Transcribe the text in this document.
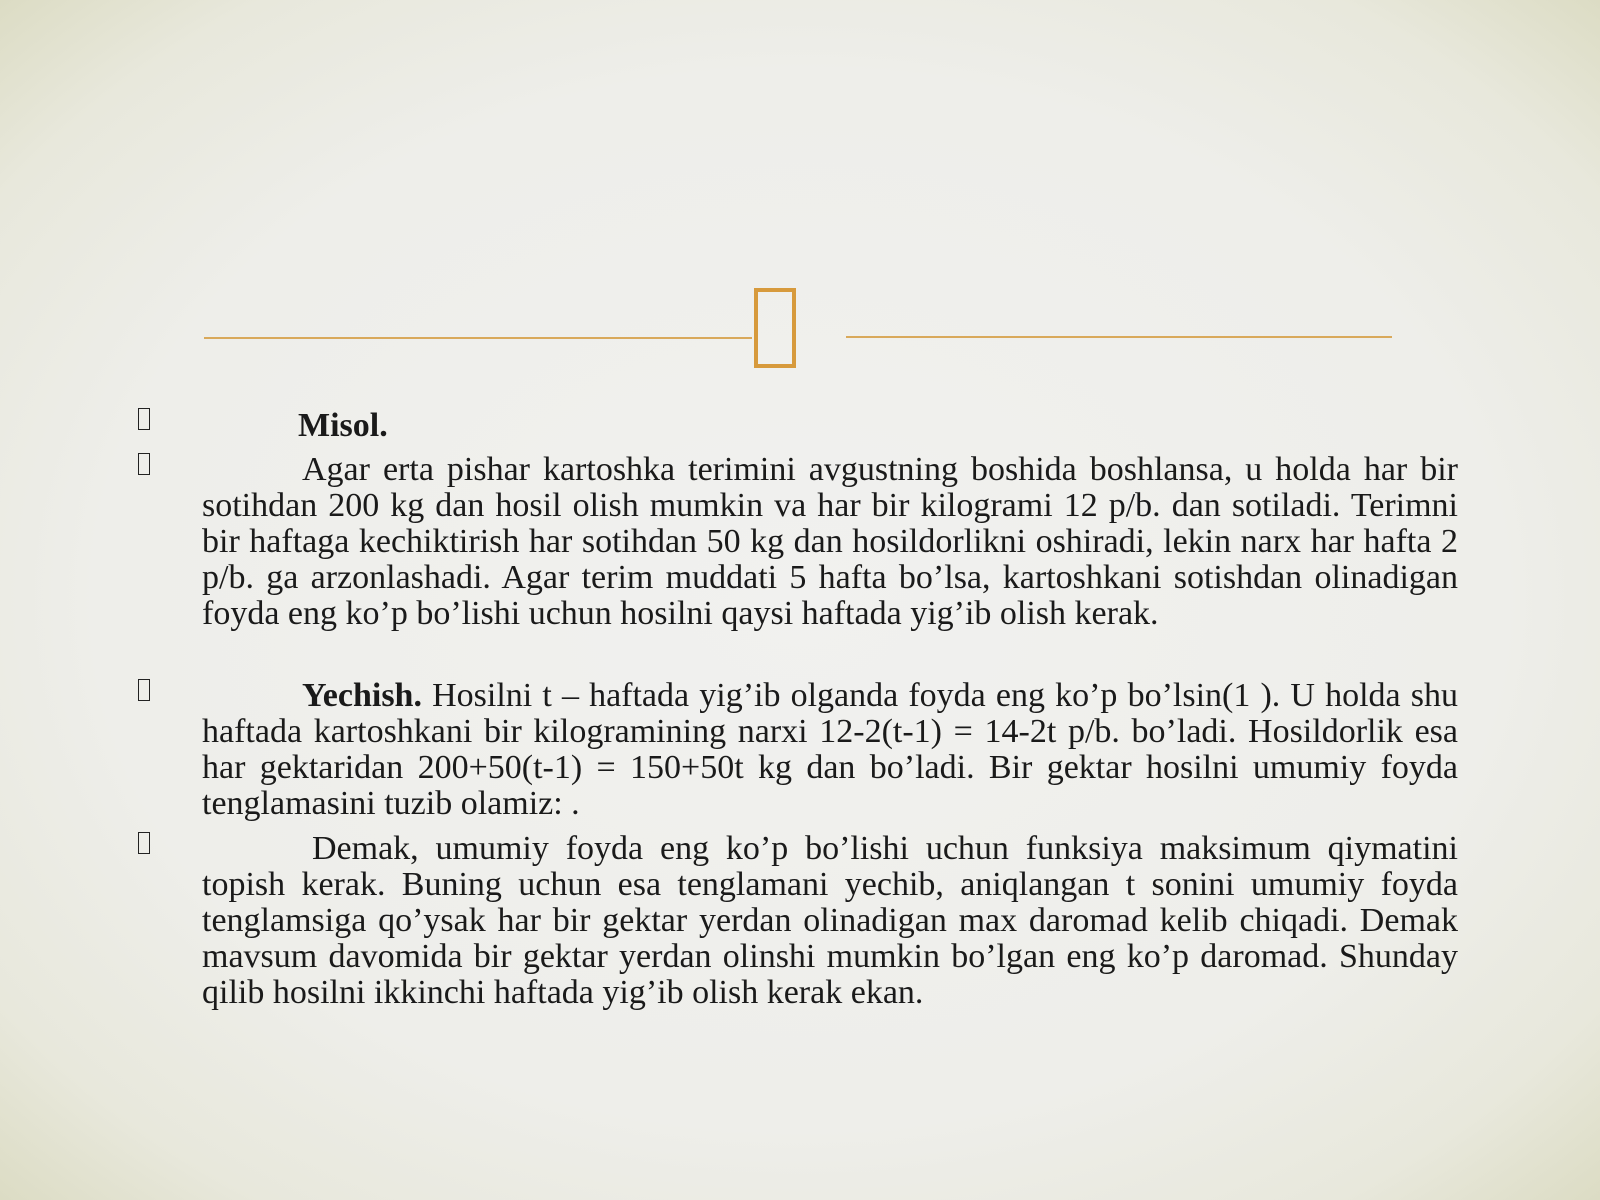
Misol.

Agar erta pishar kartoshka terimini avgustning boshida boshlansa, u holda har bir sotihdan 200 kg dan hosil olish mumkin va har bir kilogrami 12 p/b. dan sotiladi. Terimni bir haftaga kechiktirish har sotihdan 50 kg dan hosildorlikni oshiradi, lekin narx har hafta 2 p/b. ga arzonlashadi. Agar terim muddati 5 hafta bo’lsa, kartoshkani sotishdan olinadigan foyda eng ko’p bo’lishi uchun hosilni qaysi haftada yig’ib olish kerak.

Yechish. Hosilni t – haftada yig’ib olganda foyda eng ko’p bo’lsin(1 ). U holda shu haftada kartoshkani bir kilogramining narxi 12-2(t-1) = 14-2t p/b. bo’ladi. Hosildorlik esa har gektaridan 200+50(t-1) = 150+50t kg dan bo’ladi. Bir gektar hosilni umumiy foyda tenglamasini tuzib olamiz: .

Demak, umumiy foyda eng ko’p bo’lishi uchun funksiya maksimum qiymatini topish kerak. Buning uchun esa tenglamani yechib, aniqlangan t sonini umumiy foyda tenglamsiga qo’ysak har bir gektar yerdan olinadigan max daromad kelib chiqadi. Demak mavsum davomida bir gektar yerdan olinshi mumkin bo’lgan eng ko’p daromad. Shunday qilib hosilni ikkinchi haftada yig’ib olish kerak ekan.
